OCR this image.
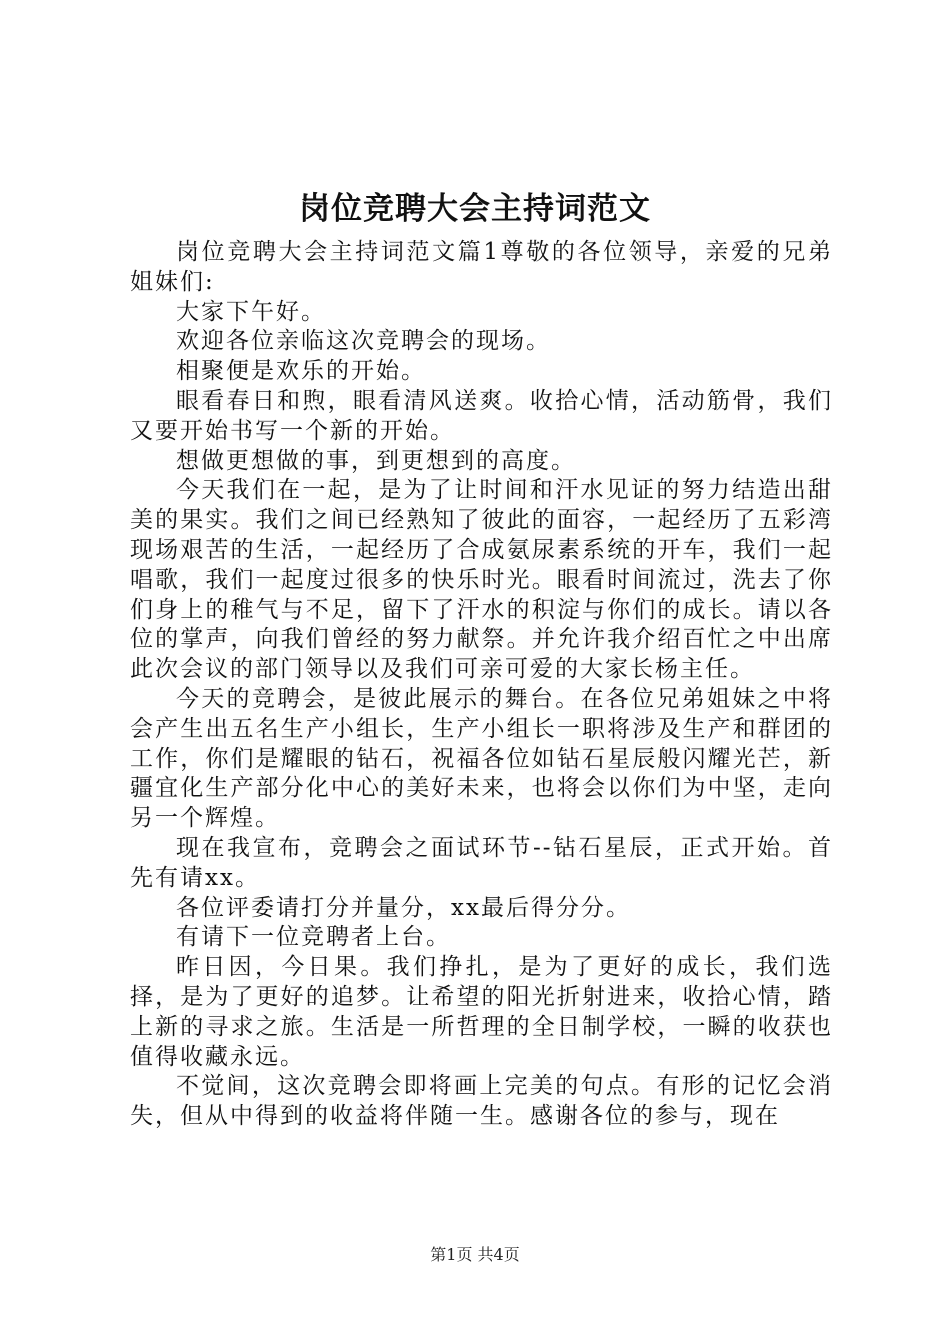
岗位竞聘大会主持词范文

岗位竞聘大会主持词范文篇1尊敬的各位领导，亲爱的兄弟姐妹们:

大家下午好。

欢迎各位亲临这次竞聘会的现场。

相聚便是欢乐的开始。

眼看春日和煦，眼看清风送爽。收拾心情，活动筋骨，我们又要开始书写一个新的开始。

想做更想做的事，到更想到的高度。

今天我们在一起，是为了让时间和汗水见证的努力结造出甜美的果实。我们之间已经熟知了彼此的面容，一起经历了五彩湾现场艰苦的生活，一起经历了合成氨尿素系统的开车，我们一起唱歌，我们一起度过很多的快乐时光。眼看时间流过，洗去了你们身上的稚气与不足，留下了汗水的积淀与你们的成长。请以各位的掌声，向我们曾经的努力献祭。并允许我介绍百忙之中出席此次会议的部门领导以及我们可亲可爱的大家长杨主任。

今天的竞聘会，是彼此展示的舞台。在各位兄弟姐妹之中将会产生出五名生产小组长，生产小组长一职将涉及生产和群团的工作，你们是耀眼的钻石，祝福各位如钻石星辰般闪耀光芒，新疆宜化生产部分化中心的美好未来，也将会以你们为中坚，走向另一个辉煌。

现在我宣布，竞聘会之面试环节--钻石星辰，正式开始。首先有请xx。

各位评委请打分并量分，xx最后得分分。

有请下一位竞聘者上台。

昨日因，今日果。我们挣扎，是为了更好的成长，我们选择，是为了更好的追梦。让希望的阳光折射进来，收拾心情，踏上新的寻求之旅。生活是一所哲理的全日制学校，一瞬的收获也值得收藏永远。

不觉间，这次竞聘会即将画上完美的句点。有形的记忆会消失，但从中得到的收益将伴随一生。感谢各位的参与，现在

第1页 共4页
